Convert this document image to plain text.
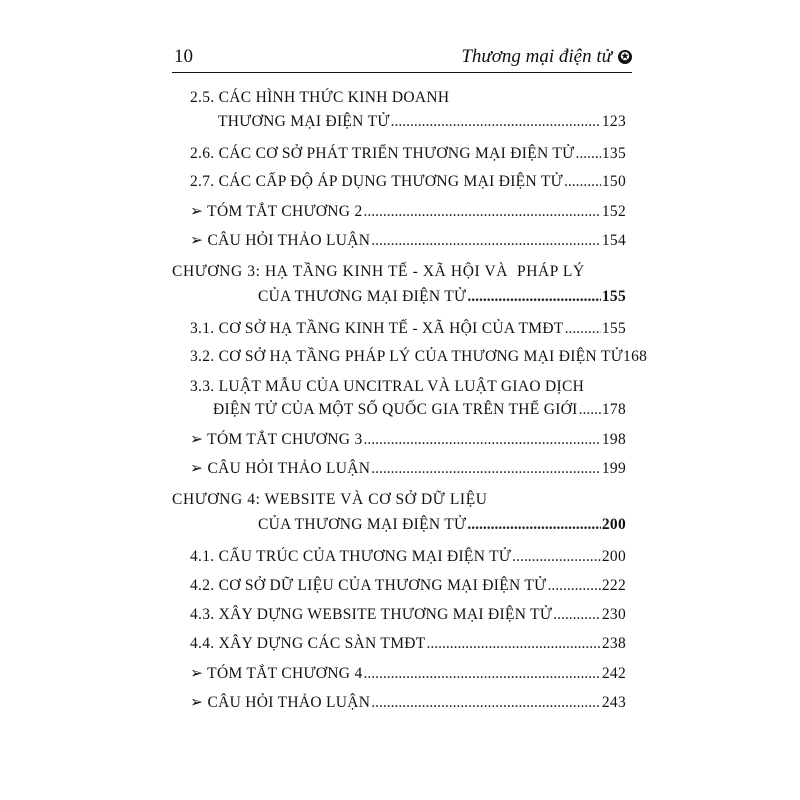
10	Thương mại điện tử ✪
2.5. CÁC HÌNH THỨC KINH DOANH
THƯƠNG MẠI ĐIỆN TỬ .....	123
2.6. CÁC CƠ SỞ PHÁT TRIỂN THƯƠNG MẠI ĐIỆN TỬ ..... 135
2.7. CÁC CẤP ĐỘ ÁP DỤNG THƯƠNG MẠI ĐIỆN TỬ .....	150
➢ TÓM TẮT CHƯƠNG 2 .....	152
➢ CÂU HỎI THẢO LUẬN .....	154
CHƯƠNG 3: HẠ TẦNG KINH TẾ - XÃ HỘI VÀ  PHÁP LÝ
CỦA THƯƠNG MẠI ĐIỆN TỬ .....	155
3.1. CƠ SỞ HẠ TẦNG KINH TẾ - XÃ HỘI CỦA TMĐT ..... 155
3.2. CƠ SỞ HẠ TẦNG PHÁP LÝ CỦA THƯƠNG MẠI ĐIỆN TỬ 168
3.3. LUẬT MẪU CỦA UNCITRAL VÀ LUẬT GIAO DỊCH
ĐIỆN TỬ CỦA MỘT SỐ QUỐC GIA TRÊN THẾ GIỚI ..... 178
➢ TÓM TẮT CHƯƠNG 3 .....	198
➢ CÂU HỎI THẢO LUẬN .....	199
CHƯƠNG 4: WEBSITE VÀ CƠ SỞ DỮ LIỆU
CỦA THƯƠNG MẠI ĐIỆN TỬ .....	200
4.1. CẤU TRÚC CỦA THƯƠNG MẠI ĐIỆN TỬ .....	200
4.2. CƠ SỞ DỮ LIỆU CỦA THƯƠNG MẠI ĐIỆN TỬ .....	222
4.3. XÂY DỰNG WEBSITE THƯƠNG MẠI ĐIỆN TỬ .....	230
4.4. XÂY DỰNG CÁC SÀN TMĐT .....	238
➢ TÓM TẮT CHƯƠNG 4 .....	242
➢ CÂU HỎI THẢO LUẬN .....	243
